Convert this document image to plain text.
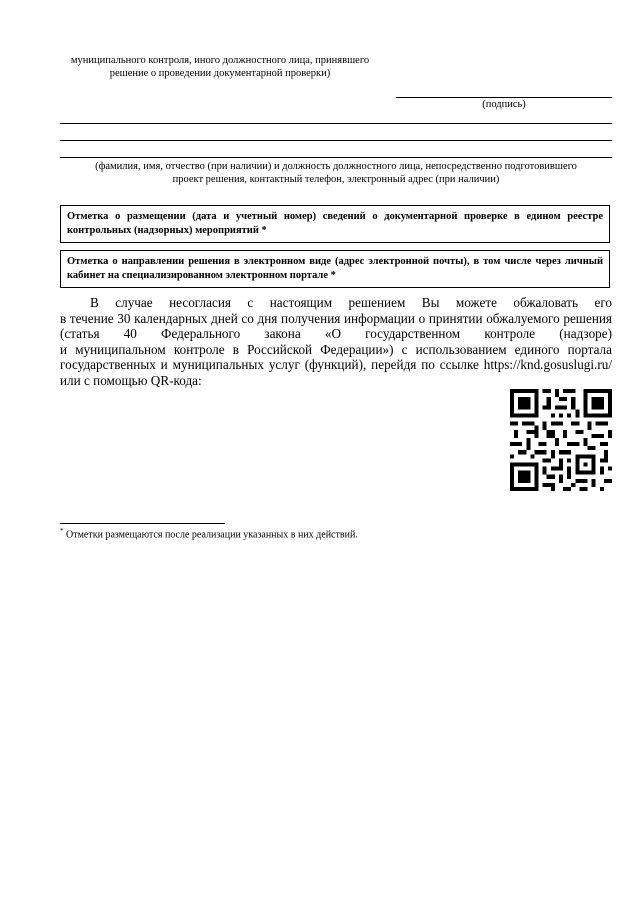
муниципального контроля, иного должностного лица, принявшего
решение о проведении документарной проверки)
(подпись)
(фамилия, имя, отчество (при наличии) и должность должностного лица, непосредственно подготовившего
проект решения, контактный телефон, электронный адрес (при наличии)
Отметка о размещении (дата и учетный номер) сведений о документарной проверке в едином реестре контрольных (надзорных) мероприятий *
Отметка о направлении решения в электронном виде (адрес электронной почты), в том числе через личный кабинет на специализированном электронном портале *

В случае несогласия с настоящим решением Вы можете обжаловать его

в течение 30 календарных дней со дня получения информации о принятии обжалуемого решения

(статья 40 Федерального закона «О государственном контроле (надзоре)

и муниципальном контроле в Российской Федерации») с использованием единого портала

государственных и муниципальных услуг (функций), перейдя по ссылке https://knd.gosuslugi.ru/

или с помощью QR-кода:

* Отметки размещаются после реализации указанных в них действий.
